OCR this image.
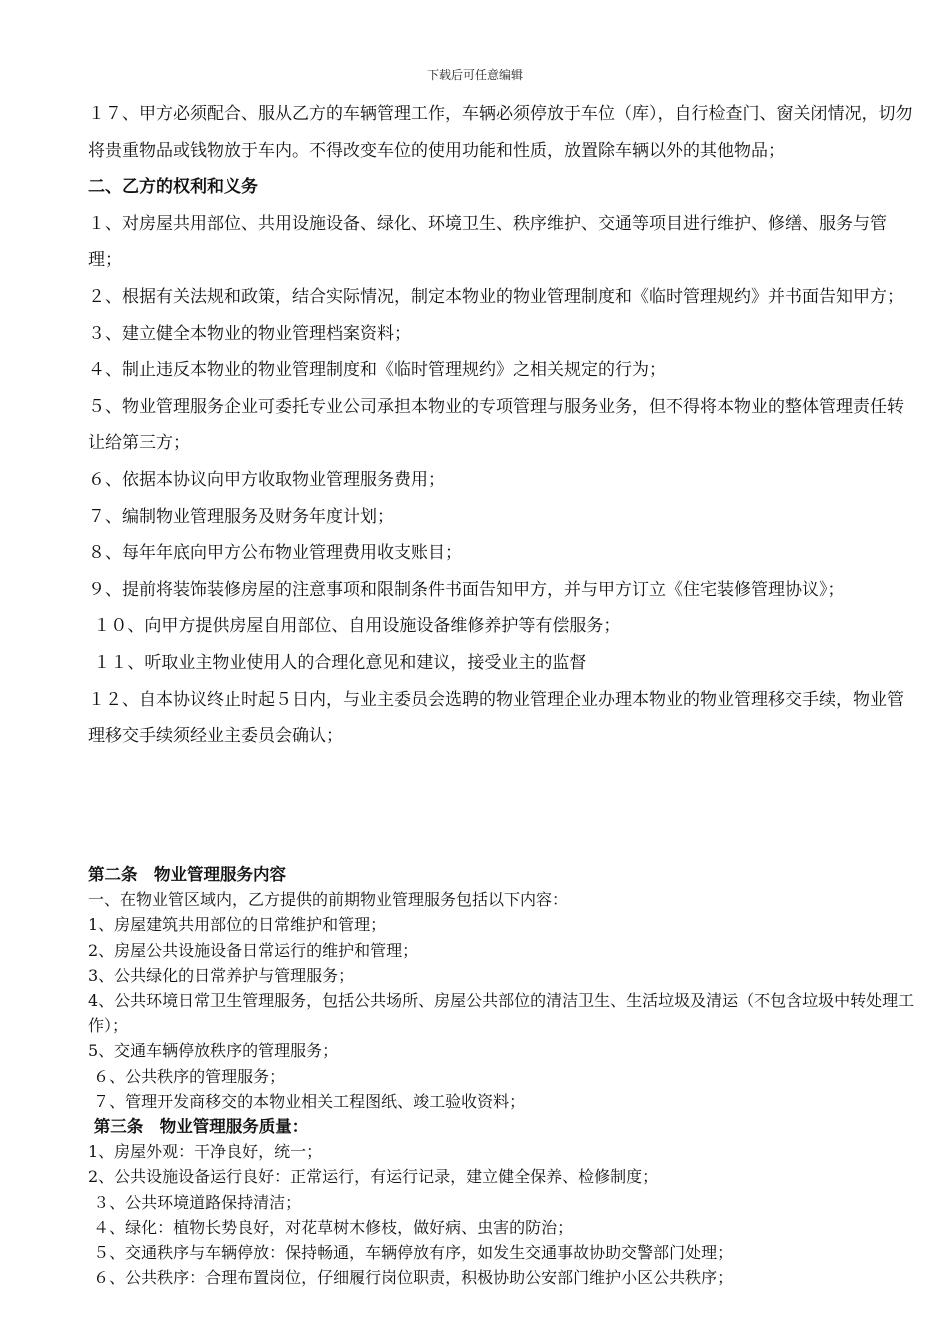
下载后可任意编辑

１７、甲方必须配合、服从乙方的车辆管理工作，车辆必须停放于车位（库），自行检查门、窗关闭情况，切勿将贵重物品或钱物放于车内。不得改变车位的使用功能和性质，放置除车辆以外的其他物品；

二、乙方的权利和义务

１、对房屋共用部位、共用设施设备、绿化、环境卫生、秩序维护、交通等项目进行维护、修缮、服务与管理；

２、根据有关法规和政策，结合实际情况，制定本物业的物业管理制度和《临时管理规约》并书面告知甲方；

３、建立健全本物业的物业管理档案资料；

４、制止违反本物业的物业管理制度和《临时管理规约》之相关规定的行为；

５、物业管理服务企业可委托专业公司承担本物业的专项管理与服务业务，但不得将本物业的整体管理责任转让给第三方；

６、依据本协议向甲方收取物业管理服务费用；

７、编制物业管理服务及财务年度计划；

８、每年年底向甲方公布物业管理费用收支账目；

９、提前将装饰装修房屋的注意事项和限制条件书面告知甲方，并与甲方订立《住宅装修管理协议》；

１０、向甲方提供房屋自用部位、自用设施设备维修养护等有偿服务；

１１、听取业主物业使用人的合理化意见和建议，接受业主的监督

１２、自本协议终止时起５日内，与业主委员会选聘的物业管理企业办理本物业的物业管理移交手续，物业管理移交手续须经业主委员会确认；

第二条　物业管理服务内容

一、在物业管区域内，乙方提供的前期物业管理服务包括以下内容：

1、房屋建筑共用部位的日常维护和管理；

2、房屋公共设施设备日常运行的维护和管理；

3、公共绿化的日常养护与管理服务；

4、公共环境日常卫生管理服务，包括公共场所、房屋公共部位的清洁卫生、生活垃圾及清运（不包含垃圾中转处理工作）；

5、交通车辆停放秩序的管理服务；

６、公共秩序的管理服务；

７、管理开发商移交的本物业相关工程图纸、竣工验收资料；

第三条　物业管理服务质量：

1、房屋外观：干净良好，统一；

2、公共设施设备运行良好：正常运行，有运行记录，建立健全保养、检修制度；

３、公共环境道路保持清洁；

４、绿化：植物长势良好，对花草树木修枝，做好病、虫害的防治；

５、交通秩序与车辆停放：保持畅通，车辆停放有序，如发生交通事故协助交警部门处理；

６、公共秩序：合理布置岗位，仔细履行岗位职责，积极协助公安部门维护小区公共秩序；
